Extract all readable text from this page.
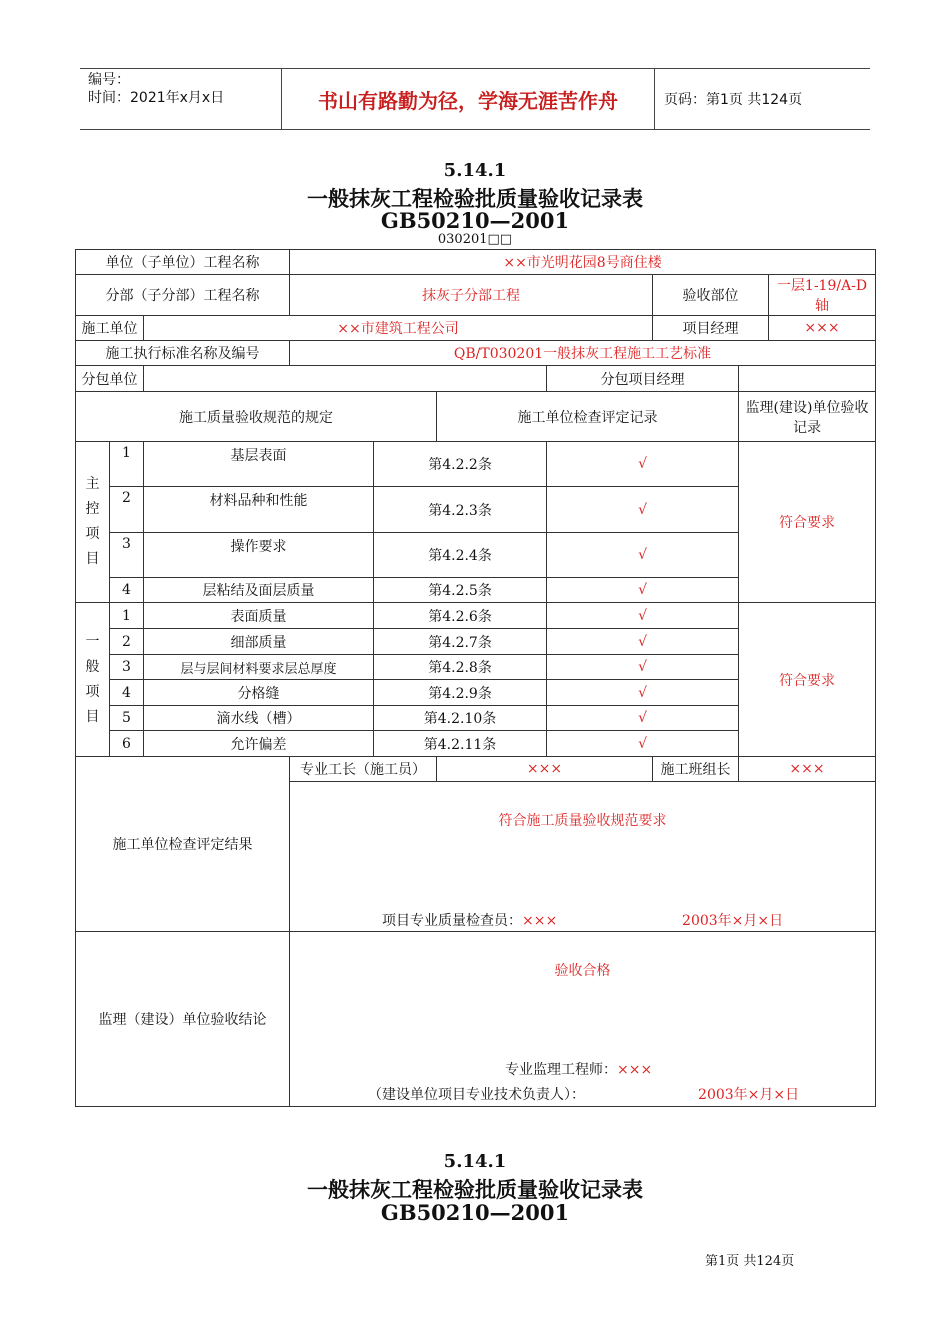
编号：
时间：2021年x月x日	书山有路勤为径，学海无涯苦作舟	页码：第1页 共124页
5.14.1
一般抹灰工程检验批质量验收记录表
GB50210—2001
030201□□
单位（子单位）工程名称			××市光明花园8号商住楼						
分部（子分部）工程名称			抹灰子分部工程				验收部位		一层1-19/A-D轴
施工单位		××市建筑工程公司					项目经理		×××
施工执行标准名称及编号			QB/T030201一般抹灰工程施工工艺标准						
分包单位						分包项目经理			
施工质量验收规范的规定					施工单位检查评定记录			监理(建设)单位验收记录	
主
控
项
目	1	基层表面		第4.2.2条		√		符合要求	
	2	材料品种和性能		第4.2.3条		√			
	3	操作要求		第4.2.4条		√			
	4	层粘结及面层质量		第4.2.5条		√			
一
般
项
目	1	表面质量		第4.2.6条		√		符合要求	
	2	细部质量		第4.2.7条		√			
	3	层与层间材料要求层总厚度		第4.2.8条		√			
	4	分格缝		第4.2.9条		√			
	5	滴水线（槽）		第4.2.10条		√			
	6	允许偏差		第4.2.11条		√			
施工单位检查评定结果			专业工长（施工员）		×××		施工班组长	×××	

			符合施工质量验收规范要求
项目专业质量检查员：××× 2003年×月×日						

监理（建设）单位验收结论			验收合格
专业监理工程师：×××
（建设单位项目专业技术负责人）： 2003年×月×日						
5.14.1
一般抹灰工程检验批质量验收记录表
GB50210—2001
第1页 共124页
